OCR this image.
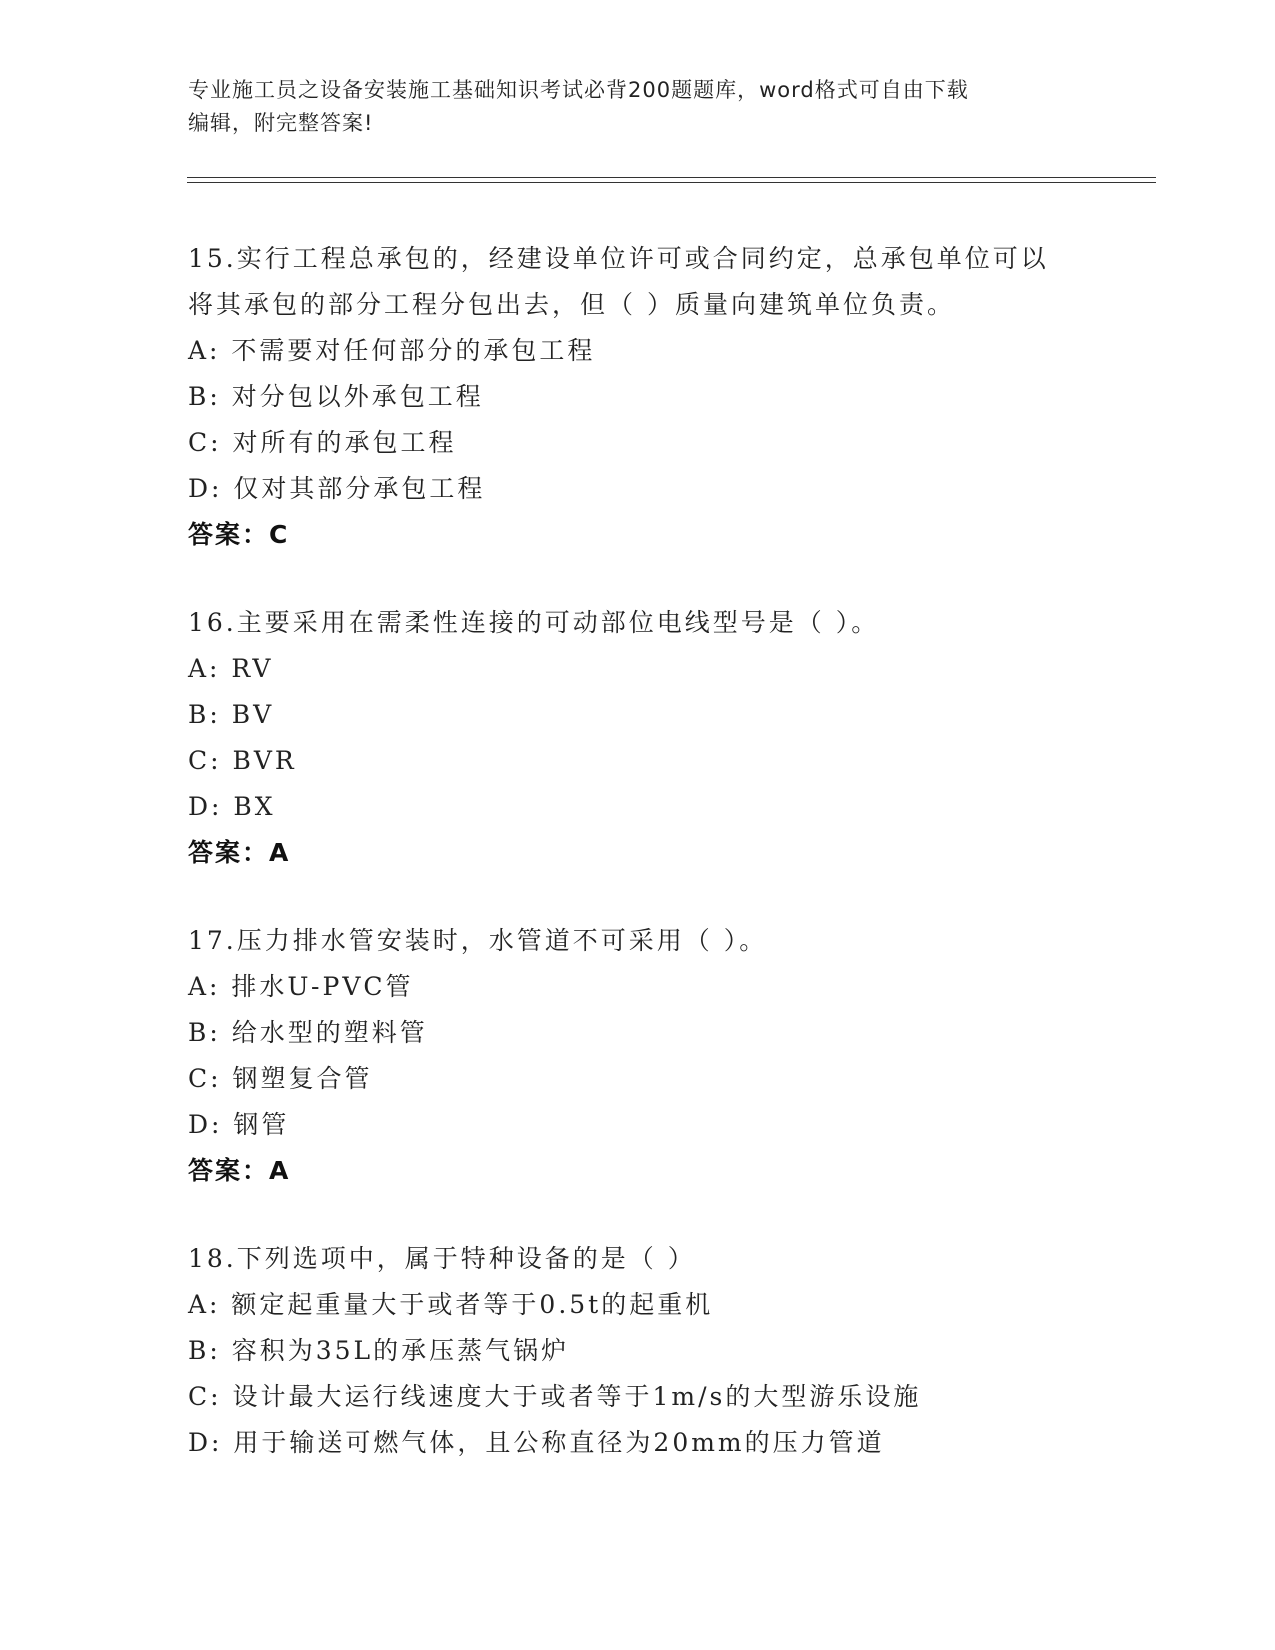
专业施工员之设备安装施工基础知识考试必背200题题库，word格式可自由下载
编辑，附完整答案!

15.实行工程总承包的，经建设单位许可或合同约定，总承包单位可以

将其承包的部分工程分包出去，但（ ）质量向建筑单位负责。

A: 不需要对任何部分的承包工程

B: 对分包以外承包工程

C: 对所有的承包工程

D: 仅对其部分承包工程

答案：C

16.主要采用在需柔性连接的可动部位电线型号是（ ）。

A: RV

B: BV

C: BVR

D: BX

答案：A

17.压力排水管安装时，水管道不可采用（ ）。

A: 排水U-PVC管

B: 给水型的塑料管

C: 钢塑复合管

D: 钢管

答案：A

18.下列选项中，属于特种设备的是（ ）

A: 额定起重量大于或者等于0.5t的起重机

B: 容积为35L的承压蒸气锅炉

C: 设计最大运行线速度大于或者等于1m/s的大型游乐设施

D: 用于输送可燃气体，且公称直径为20mm的压力管道
